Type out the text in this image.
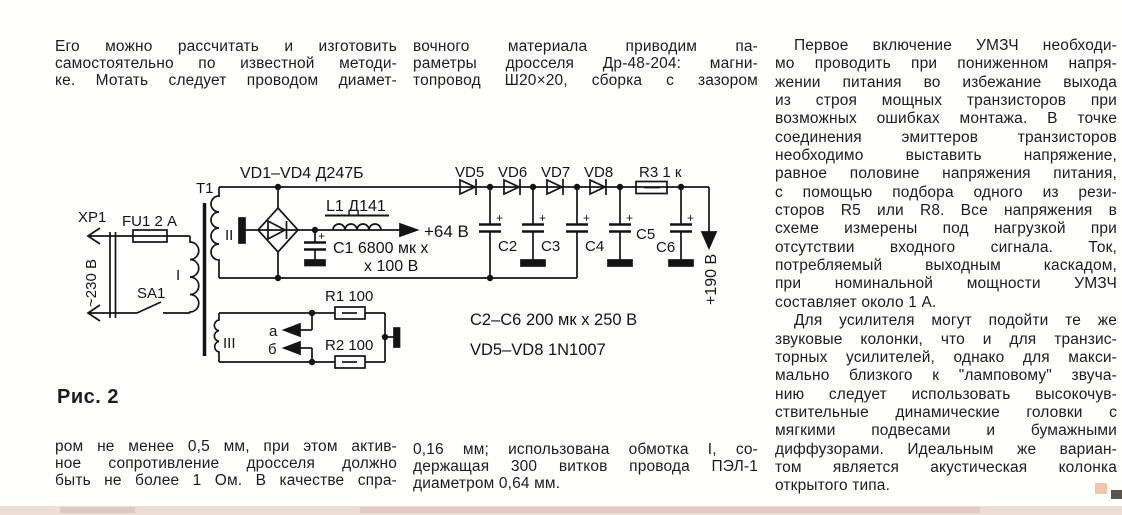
Его можно рассчитать и изготовить
самостоятельно по известной методи-
ке. Мотать следует проводом диамет-
вочного материала приводим па-
раметры дросселя Др-48-204: магни-
топровод Ш20×20, сборка с зазором
Первое включение УМЗЧ необходи-
мо проводить при пониженном напря-
жении питания во избежание выхода
из строя мощных транзисторов при
возможных ошибках монтажа. В точке
соединения эмиттеров транзисторов
необходимо выставить напряжение,
равное половине напряжения питания,
с помощью подбора одного из рези-
сторов R5 или R8. Все напряжения в
схеме измерены под нагрузкой при
отсутствии входного сигнала. Ток,
потребляемый выходным каскадом,
при номинальной мощности УМЗЧ
составляет около 1 А.
Для усилителя могут подойти те же
звуковые колонки, что и для транзис-
торных усилителей, однако для макси-
мально близкого к "ламповому" звуча-
нию следует использовать высокочув-
ствительные динамические головки с
мягкими подвесами и бумажными
диффузорами. Идеальным же вариан-
том является акустическая колонка
открытого типа.
ром не менее 0,5 мм, при этом актив-
ное сопротивление дросселя должно
быть не более 1 Ом. В качестве спра-
0,16 мм; использована обмотка I, со-
держащая 300 витков провода ПЭЛ-1
диаметром 0,64 мм.
ХР1
~230 В
FU1 2 А
SA1
Т1
I
II
III
VD1–VD4 Д247Б
+
С1 6800 мк х
х 100 В
L1 Д141
+64 В
VD5 VD6 VD7 VD8
+
С2
+
С3
+
С4
+
С5
+
С6
R3 1 к
+190 В
R1 100
R2 100
а
б
С2–С6 200 мк х 250 В
VD5–VD8 1N1007
Рис. 2
